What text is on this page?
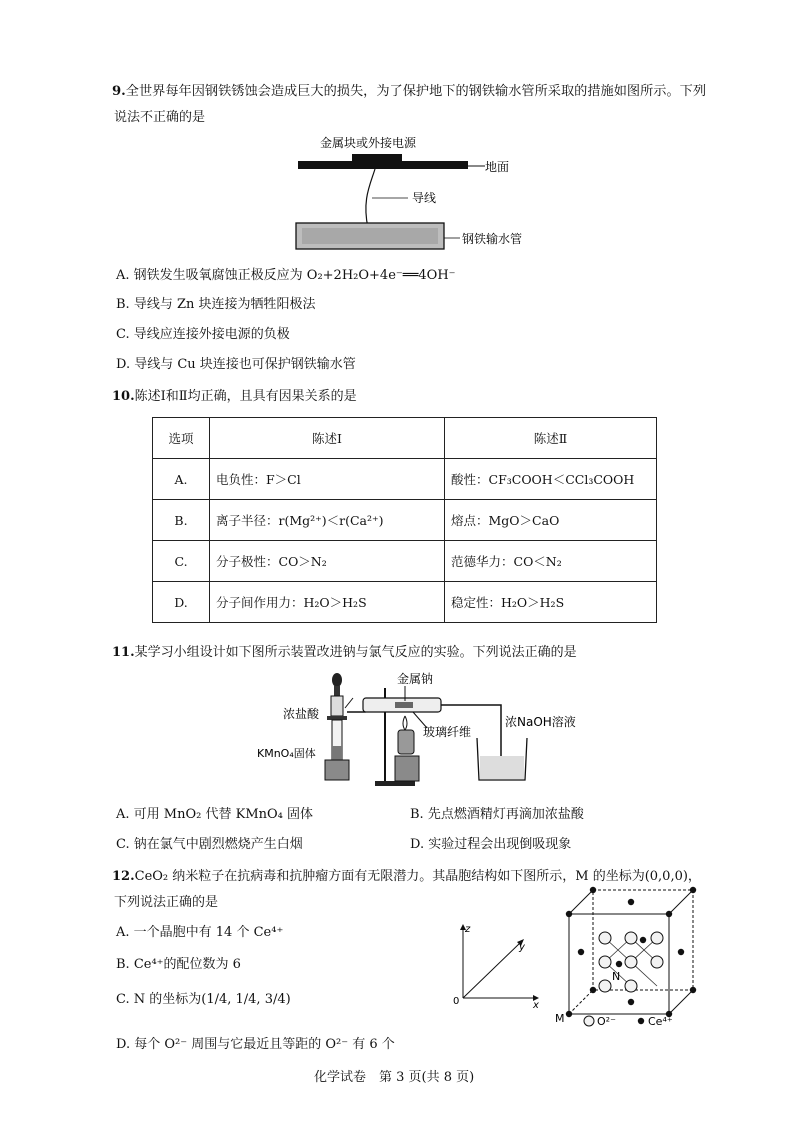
9.全世界每年因钢铁锈蚀会造成巨大的损失，为了保护地下的钢铁输水管所采取的措施如图所示。下列
说法不正确的是
金属块或外接电源
地面
导线
钢铁输水管
A. 钢铁发生吸氧腐蚀正极反应为 O₂+2H₂O+4e⁻══4OH⁻
B. 导线与 Zn 块连接为牺牲阳极法
C. 导线应连接外接电源的负极
D. 导线与 Cu 块连接也可保护钢铁输水管
10.陈述Ⅰ和Ⅱ均正确，且具有因果关系的是
选项	陈述Ⅰ	陈述Ⅱ
A.	电负性：F＞Cl	酸性：CF₃COOH＜CCl₃COOH
B.	离子半径：r(Mg²⁺)＜r(Ca²⁺)	熔点：MgO＞CaO
C.	分子极性：CO＞N₂	范德华力：CO＜N₂
D.	分子间作用力：H₂O＞H₂S	稳定性：H₂O＞H₂S
11.某学习小组设计如下图所示装置改进钠与氯气反应的实验。下列说法正确的是
浓盐酸
KMnO₄固体
金属钠
玻璃纤维
浓NaOH溶液
A. 可用 MnO₂ 代替 KMnO₄ 固体	B. 先点燃酒精灯再滴加浓盐酸
C. 钠在氯气中剧烈燃烧产生白烟	D. 实验过程会出现倒吸现象
12.CeO₂ 纳米粒子在抗病毒和抗肿瘤方面有无限潜力。其晶胞结构如下图所示，M 的坐标为(0,0,0)，
下列说法正确的是
A. 一个晶胞中有 14 个 Ce⁴⁺
B. Ce⁴⁺的配位数为 6
C. N 的坐标为(1/4, 1/4, 3/4)
D. 每个 O²⁻ 周围与它最近且等距的 O²⁻ 有 6 个
z
y
x
0
N
M	O²⁻	Ce⁴⁺
化学试卷　第 3 页(共 8 页)
